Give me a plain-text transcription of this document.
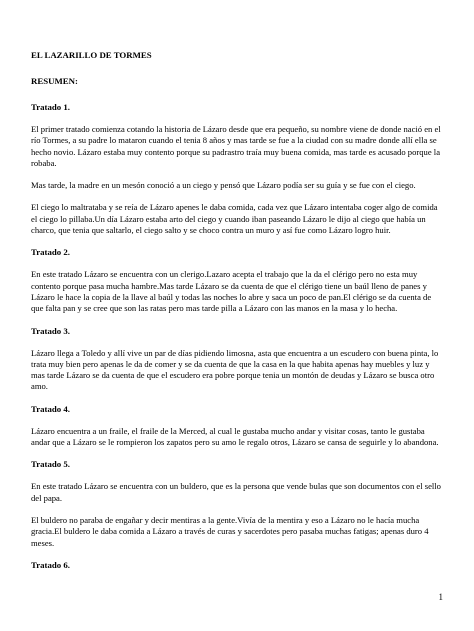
EL LAZARILLO DE TORMES
RESUMEN:
Tratado 1.

El primer tratado comienza cotando la historia de Lázaro desde que era pequeño, su nombre viene de donde nació en el río Tormes, a su padre lo mataron cuando el tenia 8 años y mas tarde se fue a la ciudad con su madre donde allí ella se hecho novio. Lázaro estaba muy contento porque su padrastro traía muy buena comida, mas tarde es acusado porque la robaba.

Mas tarde, la madre en un mesón conoció a un ciego y pensó que Lázaro podía ser su guía y se fue con el ciego.

El ciego lo maltrataba y se reía de Lázaro apenes le daba comida, cada vez que Lázaro intentaba coger algo de comida el ciego lo pillaba.Un día Lázaro estaba arto del ciego y cuando iban paseando Lázaro le dijo al ciego que había un charco, que tenia que saltarlo, el ciego salto y se choco contra un muro y así fue como Lázaro logro huir.

Tratado 2.

En este tratado Lázaro se encuentra con un clerigo.Lazaro acepta el trabajo que la da el clérigo pero no esta muy contento porque pasa mucha hambre.Mas tarde Lázaro se da cuenta de que el clérigo tiene un baúl lleno de panes y Lázaro le hace la copia de la llave al baúl y todas las noches lo abre y saca un poco de pan.El clérigo se da cuenta de que falta pan y se cree que son las ratas pero mas tarde pilla a Lázaro con las manos en la masa y lo hecha.

Tratado 3.

Lázaro llega a Toledo y allí vive un par de días pidiendo limosna, asta que encuentra a un escudero con buena pinta, lo trata muy bien pero apenas le da de comer y se da cuenta de que la casa en la que habita apenas hay muebles y luz y mas tarde Lázaro se da cuenta de que el escudero era pobre porque tenia un montón de deudas y Lázaro se busca otro amo.

Tratado 4.

Lázaro encuentra a un fraile, el fraile de la Merced, al cual le gustaba mucho andar y visitar cosas, tanto le gustaba andar que a Lázaro se le rompieron los zapatos pero su amo le regalo otros, Lázaro se cansa de seguirle y lo abandona.

Tratado 5.

En este tratado Lázaro se encuentra con un buldero, que es la persona que vende bulas que son documentos con el sello del papa.

El buldero no paraba de engañar y decir mentiras a la gente.Vivía de la mentira y eso a Lázaro no le hacía mucha gracia.El buldero le daba comida a Lázaro a través de curas y sacerdotes pero pasaba muchas fatigas; apenas duro 4 meses.

Tratado 6.
1
